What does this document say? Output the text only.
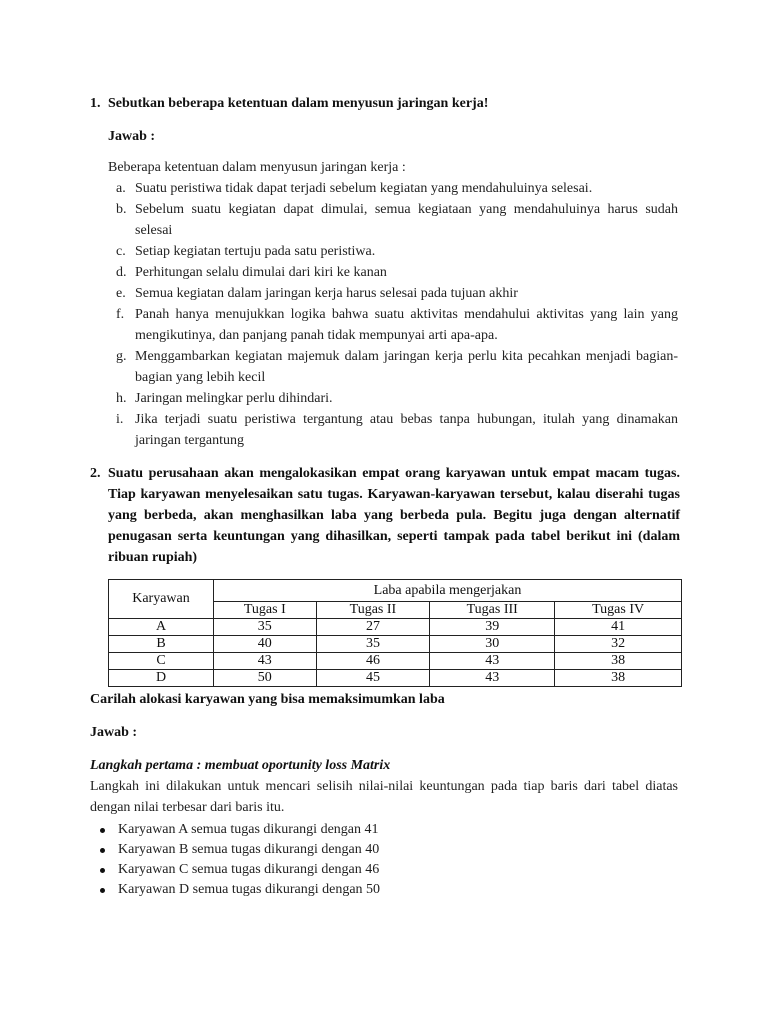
1. Sebutkan beberapa ketentuan dalam menyusun jaringan kerja!
Jawab :
Beberapa ketentuan dalam menyusun jaringan kerja :
a. Suatu peristiwa tidak dapat terjadi sebelum kegiatan yang mendahuluinya selesai.
b. Sebelum suatu kegiatan dapat dimulai, semua kegiataan yang mendahuluinya harus sudah selesai
c. Setiap kegiatan tertuju pada satu peristiwa.
d. Perhitungan selalu dimulai dari kiri ke kanan
e. Semua kegiatan dalam jaringan kerja harus selesai pada tujuan akhir
f. Panah hanya menujukkan logika bahwa suatu aktivitas mendahului aktivitas yang lain yang mengikutinya, dan panjang panah tidak mempunyai arti apa-apa.
g. Menggambarkan kegiatan majemuk dalam jaringan kerja perlu kita pecahkan menjadi bagian- bagian yang lebih kecil
h. Jaringan melingkar perlu dihindari.
i. Jika terjadi suatu peristiwa tergantung atau bebas tanpa hubungan, itulah yang dinamakan jaringan tergantung
2. Suatu perusahaan akan mengalokasikan empat orang karyawan untuk empat macam tugas. Tiap karyawan menyelesaikan satu tugas. Karyawan-karyawan tersebut, kalau diserahi tugas yang berbeda, akan menghasilkan laba yang berbeda pula. Begitu juga dengan alternatif penugasan serta keuntungan yang dihasilkan, seperti tampak pada tabel berikut ini (dalam ribuan rupiah)
Karyawan	Laba apabila mengerjakan			
	Tugas I	Tugas II	Tugas III	Tugas IV
A	35	27	39	41
B	40	35	30	32
C	43	46	43	38
D	50	45	43	38
Carilah alokasi karyawan yang bisa memaksimumkan laba
Jawab :
Langkah pertama : membuat oportunity loss Matrix
Langkah ini dilakukan untuk mencari selisih nilai-nilai keuntungan pada tiap baris dari tabel diatas dengan nilai terbesar dari baris itu.
Karyawan A semua tugas dikurangi dengan 41
Karyawan B semua tugas dikurangi dengan 40
Karyawan C semua tugas dikurangi dengan 46
Karyawan D semua tugas dikurangi dengan 50
